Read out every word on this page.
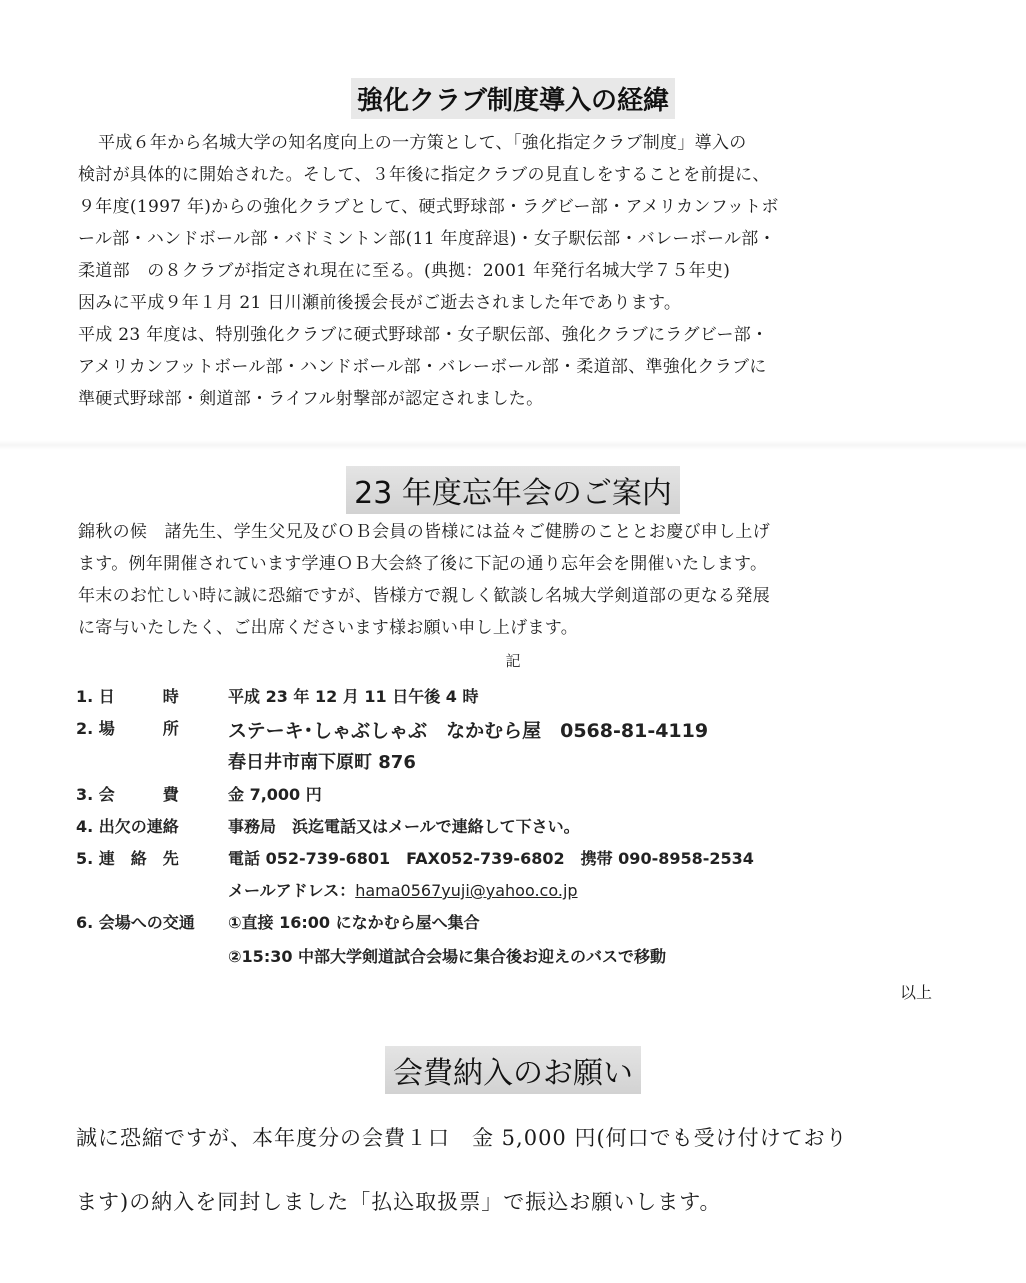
強化クラブ制度導入の経緯
平成６年から名城大学の知名度向上の一方策として、「強化指定クラブ制度」導入の
検討が具体的に開始された。そして、３年後に指定クラブの見直しをすることを前提に、
９年度(1997 年)からの強化クラブとして、硬式野球部・ラグビー部・アメリカンフットボ
ール部・ハンドボール部・バドミントン部(11 年度辞退)・女子駅伝部・バレーボール部・
柔道部　の８クラブが指定され現在に至る。(典拠：2001 年発行名城大学７５年史)
因みに平成９年１月 21 日川瀬前後援会長がご逝去されました年であります。
平成 23 年度は、特別強化クラブに硬式野球部・女子駅伝部、強化クラブにラグビー部・
アメリカンフットボール部・ハンドボール部・バレーボール部・柔道部、準強化クラブに
準硬式野球部・剣道部・ライフル射撃部が認定されました。
23 年度忘年会のご案内
錦秋の候　諸先生、学生父兄及びＯＢ会員の皆様には益々ご健勝のこととお慶び申し上げ
ます。例年開催されています学連ＯＢ大会終了後に下記の通り忘年会を開催いたします。
年末のお忙しい時に誠に恐縮ですが、皆様方で親しく歓談し名城大学剣道部の更なる発展
に寄与いたしたく、ご出席くださいます様お願い申し上げます。
記
1. 日　　　時	平成 23 年 12 月 11 日午後 4 時
2. 場　　　所	ステーキ･しゃぶしゃぶ　なかむら屋　0568-81-4119
春日井市南下原町 876
3. 会　　　費	金 7,000 円
4. 出欠の連絡	事務局　浜迄電話又はメールで連絡して下さい。
5. 連　絡　先	電話 052-739-6801　FAX052-739-6802　携帯 090-8958-2534
メールアドレス：hama0567yuji@yahoo.co.jp
6. 会場への交通	①直接 16:00 になかむら屋へ集合
②15:30 中部大学剣道試合会場に集合後お迎えのバスで移動
以上
会費納入のお願い
誠に恐縮ですが、本年度分の会費１口　金 5,000 円(何口でも受け付けており
ます)の納入を同封しました「払込取扱票」で振込お願いします。
